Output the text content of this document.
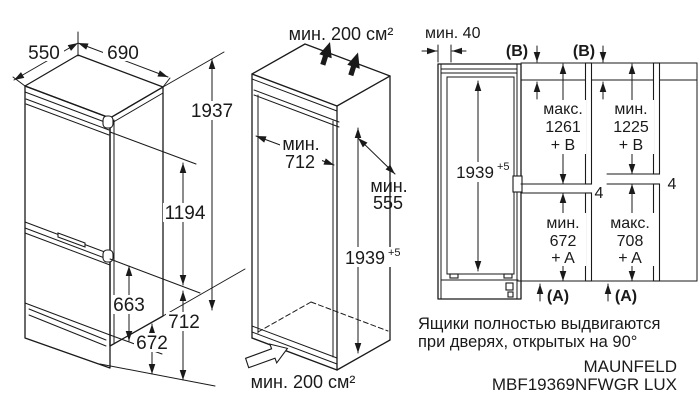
550 690
1937
1194
663
712
672
мин. 200 см²
мин.
712
мин.
555
1939 +5
мин. 200 см²
1939 +5
мин. 40
4
4
(B)	(B)
макс.
1261
+ B
мин.
1225
+ B
мин.
672
+ A
макс.
708
+ A
(A)	(A)
Ящики полностью выдвигаются
при дверях, открытых на 90°
MAUNFELD
MBF19369NFWGR LUX
